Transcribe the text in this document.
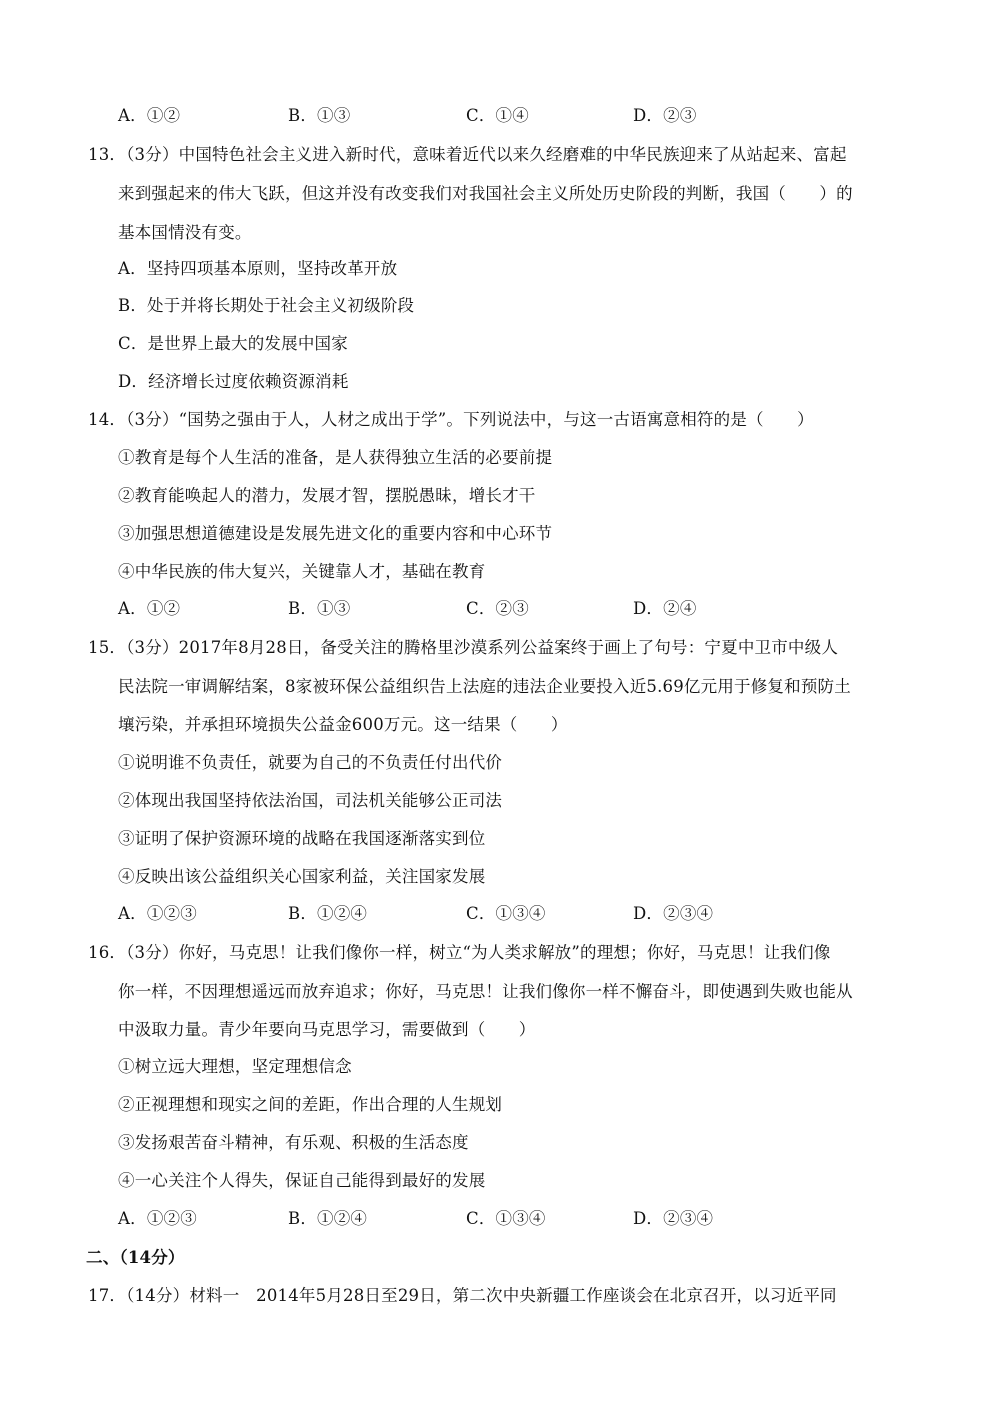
A．①②	B．①③	C．①④	D．②③
13．（3分）中国特色社会主义进入新时代，意味着近代以来久经磨难的中华民族迎来了从站起来、富起
来到强起来的伟大飞跃，但这并没有改变我们对我国社会主义所处历史阶段的判断，我国（　　）的
基本国情没有变。
A．坚持四项基本原则，坚持改革开放
B．处于并将长期处于社会主义初级阶段
C．是世界上最大的发展中国家
D．经济增长过度依赖资源消耗
14．（3分）“国势之强由于人，人材之成出于学”。下列说法中，与这一古语寓意相符的是（　　）
①教育是每个人生活的准备，是人获得独立生活的必要前提
②教育能唤起人的潜力，发展才智，摆脱愚昧，增长才干
③加强思想道德建设是发展先进文化的重要内容和中心环节
④中华民族的伟大复兴，关键靠人才，基础在教育
A．①②	B．①③	C．②③	D．②④
15．（3分）2017年8月28日，备受关注的腾格里沙漠系列公益案终于画上了句号：宁夏中卫市中级人
民法院一审调解结案，8家被环保公益组织告上法庭的违法企业要投入近5.69亿元用于修复和预防土
壤污染，并承担环境损失公益金600万元。这一结果（　　）
①说明谁不负责任，就要为自己的不负责任付出代价
②体现出我国坚持依法治国，司法机关能够公正司法
③证明了保护资源环境的战略在我国逐渐落实到位
④反映出该公益组织关心国家利益，关注国家发展
A．①②③	B．①②④	C．①③④	D．②③④
16．（3分）你好，马克思！让我们像你一样，树立“为人类求解放”的理想；你好，马克思！让我们像
你一样，不因理想遥远而放弃追求；你好，马克思！让我们像你一样不懈奋斗，即使遇到失败也能从
中汲取力量。青少年要向马克思学习，需要做到（　　）
①树立远大理想，坚定理想信念
②正视理想和现实之间的差距，作出合理的人生规划
③发扬艰苦奋斗精神，有乐观、积极的生活态度
④一心关注个人得失，保证自己能得到最好的发展
A．①②③	B．①②④	C．①③④	D．②③④
二、（14分）
17．（14分）材料一　2014年5月28日至29日，第二次中央新疆工作座谈会在北京召开，以习近平同
